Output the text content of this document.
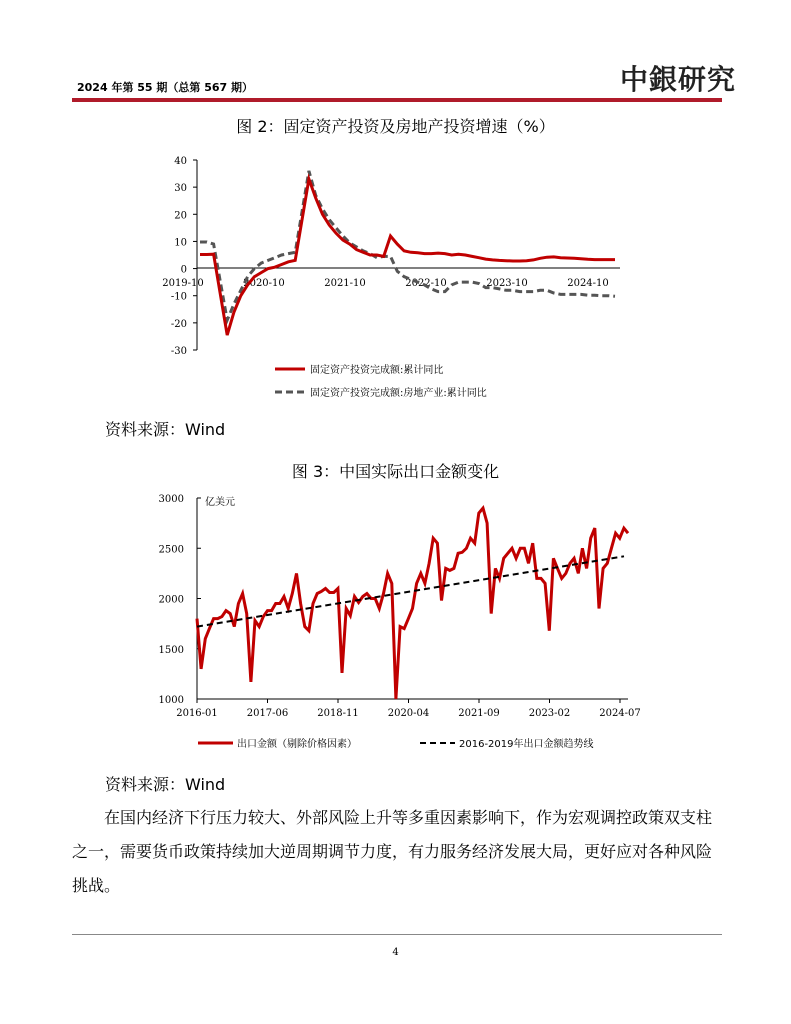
2024 年第 55 期（总第 567 期）	中銀研究
图 2：固定资产投资及房地产投资增速（%）
40
30
20
10
0
-10
-20
-30
2019-10	2020-10	2021-10	2022-10	2023-10	2024-10
固定资产投资完成额:累计同比
固定资产投资完成额:房地产业:累计同比
资料来源：Wind
图 3：中国实际出口金额变化
亿美元
3000
2500
2000
1500
1000
2016-01	2017-06	2018-11	2020-04	2021-09	2023-02	2024-07
出口金额（剔除价格因素）	2016-2019年出口金额趋势线
资料来源：Wind
在国内经济下行压力较大、外部风险上升等多重因素影响下，作为宏观调控政策双支柱之一，需要货币政策持续加大逆周期调节力度，有力服务经济发展大局，更好应对各种风险挑战。
4
